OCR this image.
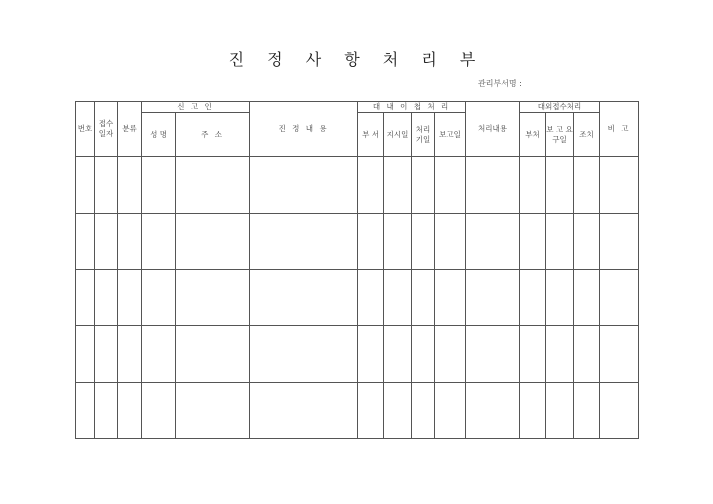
진 정 사 항 처 리 부
관리부서명 :
번호	접수 일자	분류	신 고 인		진 정 내 용	대 내 이 첩 처 리				처리내용	대외접수처리			비 고
			성 명	주 소		부 서	지시일	처리 기일	보고일		부처	보 고 요구일	조치	
